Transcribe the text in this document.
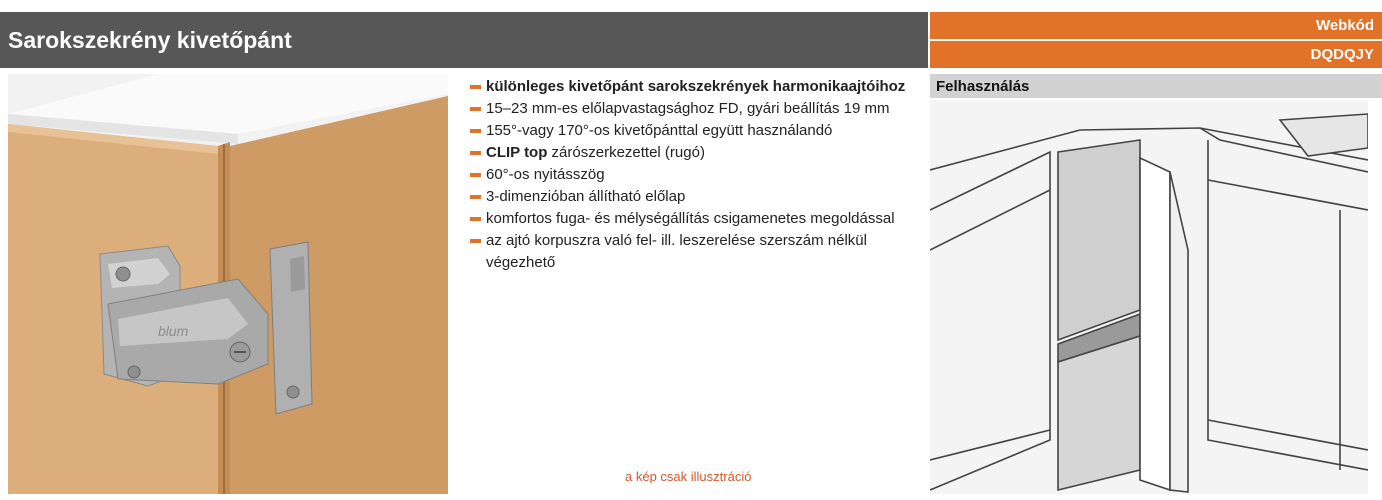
Sarokszekrény kivetőpánt
Webkód
DQDQJY
blum
különleges kivetőpánt sarokszekrények harmonikaajtóihoz
15–23 mm-es előlapvastagsághoz FD, gyári beállítás 19 mm
155°-vagy 170°-os kivetőpánttal együtt használandó
CLIP top zárószerkezettel (rugó)
60°-os nyitásszög
3-dimenzióban állítható előlap
komfortos fuga- és mélységállítás csigamenetes megoldással
az ajtó korpuszra való fel- ill. leszerelése szerszám nélkül végezhető
a kép csak illusztráció
Felhasználás
